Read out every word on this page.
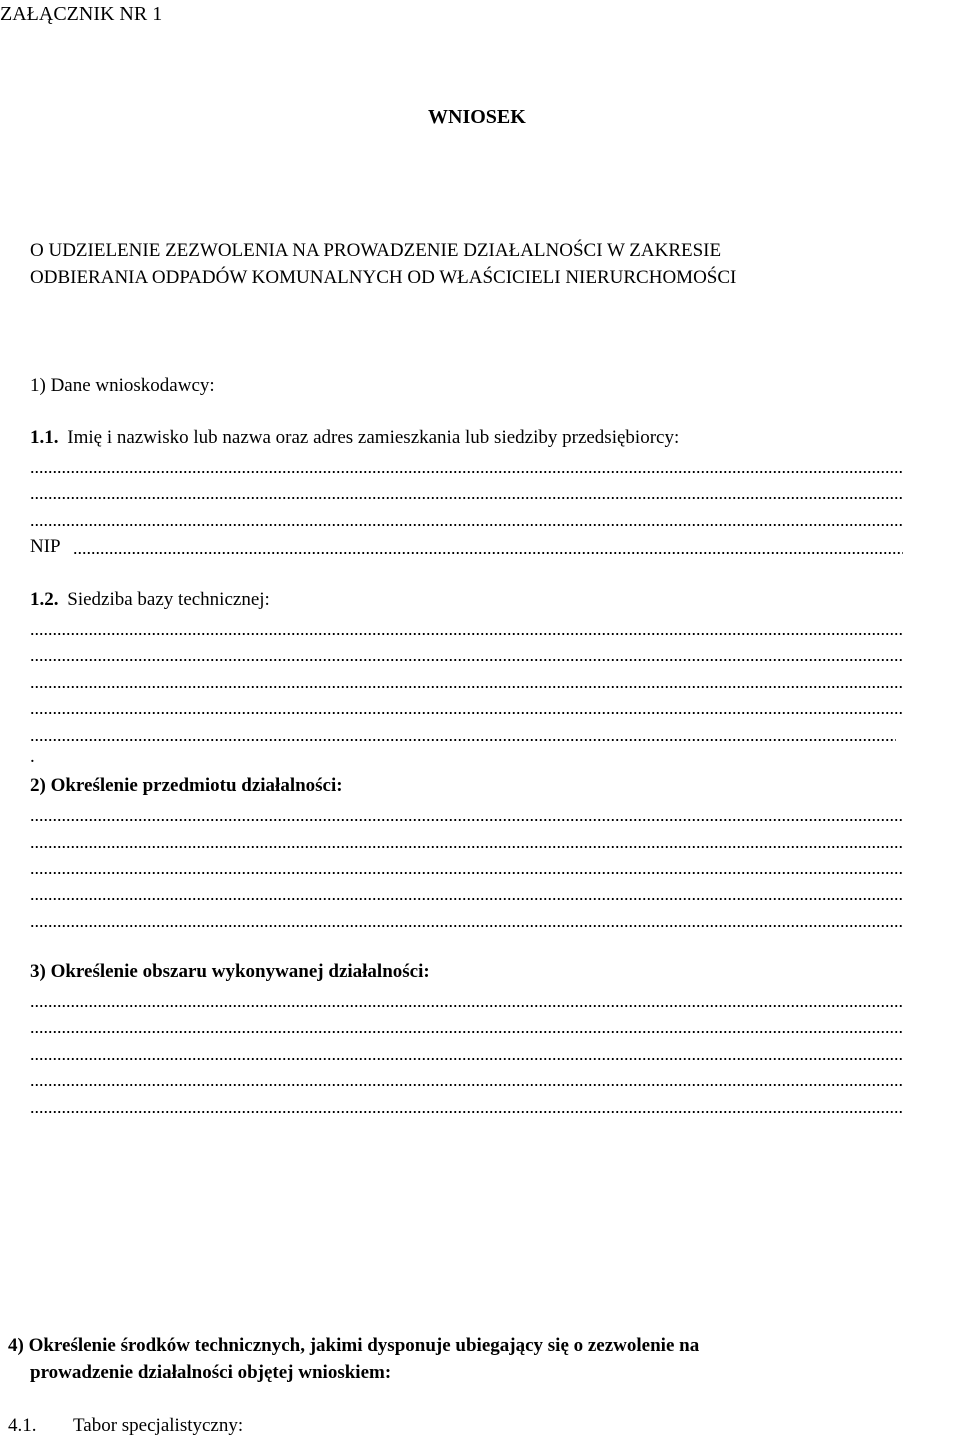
ZAŁĄCZNIK NR 1
WNIOSEK
O UDZIELENIE ZEZWOLENIA NA PROWADZENIE DZIAŁALNOŚCI W ZAKRESIE
ODBIERANIA ODPADÓW KOMUNALNYCH OD WŁAŚCICIELI NIERURCHOMOŚCI
1) Dane wnioskodawcy:
1.1. Imię i nazwisko lub nazwa oraz adres zamieszkania lub siedziby przedsiębiorcy:
NIP
1.2. Siedziba bazy technicznej:
.
2) Określenie przedmiotu działalności:
3) Określenie obszaru wykonywanej działalności:
4) Określenie środków technicznych, jakimi dysponuje ubiegający się o zezwolenie na
prowadzenie działalności objętej wnioskiem:
4.1. Tabor specjalistyczny:
